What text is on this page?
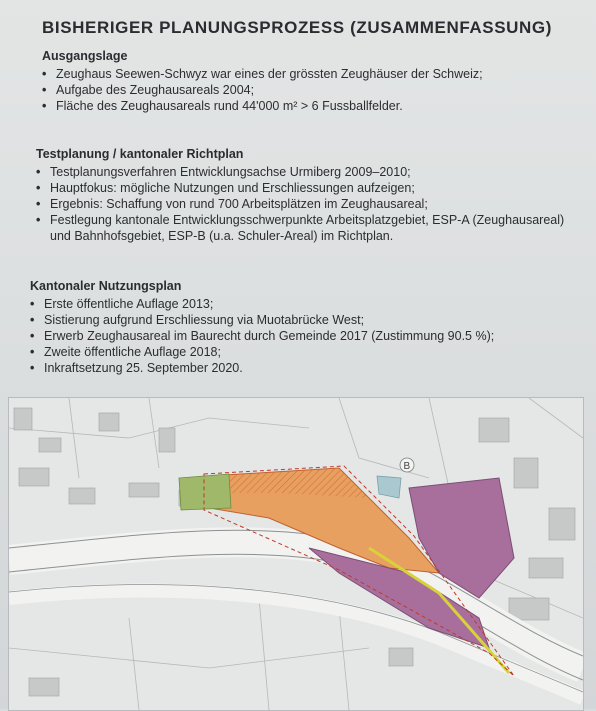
BISHERIGER PLANUNGSPROZESS (ZUSAMMENFASSUNG)
Ausgangslage
• Zeughaus Seewen-Schwyz war eines der grössten Zeughäuser der Schweiz;
• Aufgabe des Zeughausareals 2004;
• Fläche des Zeughausareals rund 44'000 m² > 6 Fussballfelder.
Testplanung / kantonaler Richtplan
• Testplanungsverfahren Entwicklungsachse Urmiberg 2009–2010;
• Hauptfokus: mögliche Nutzungen und Erschliessungen aufzeigen;
• Ergebnis: Schaffung von rund 700 Arbeitsplätzen im Zeughausareal;
• Festlegung kantonale Entwicklungsschwerpunkte Arbeitsplatzgebiet, ESP-A (Zeughausareal) und Bahnhofsgebiet, ESP-B (u.a. Schuler-Areal) im Richtplan.
Kantonaler Nutzungsplan
• Erste öffentliche Auflage 2013;
• Sistierung aufgrund Erschliessung via Muotabrücke West;
• Erwerb Zeughausareal im Baurecht durch Gemeinde 2017 (Zustimmung 90.5 %);
• Zweite öffentliche Auflage 2018;
• Inkraftsetzung 25. September 2020.
B
